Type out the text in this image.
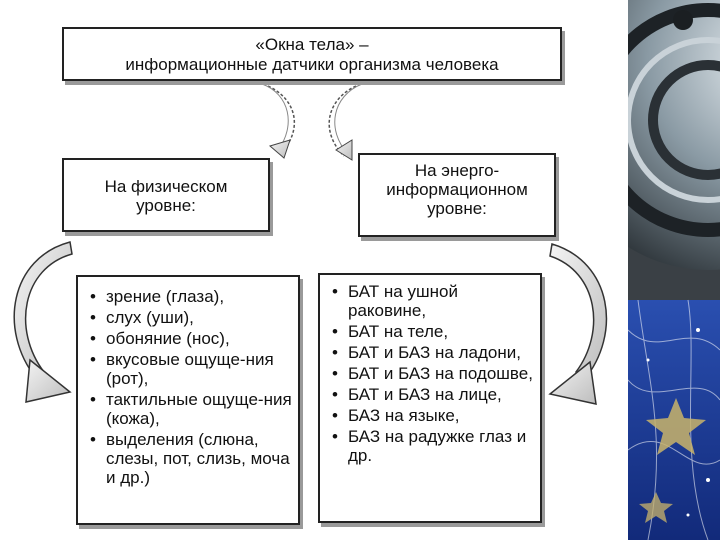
«Окна тела» –
информационные датчики организма человека
На физическом
уровне:
На энерго-
информационном
уровне:
• зрение (глаза),
• слух (уши),
• обоняние (нос),
• вкусовые ощуще-ния (рот),
• тактильные ощуще-ния (кожа),
• выделения (слюна, слезы, пот, слизь, моча и др.)
• БАТ на ушной раковине,
• БАТ на теле,
• БАТ и БАЗ на ладони,
• БАТ и БАЗ на подошве,
• БАТ и БАЗ на лице,
• БАЗ на языке,
• БАЗ на радужке глаз и др.
